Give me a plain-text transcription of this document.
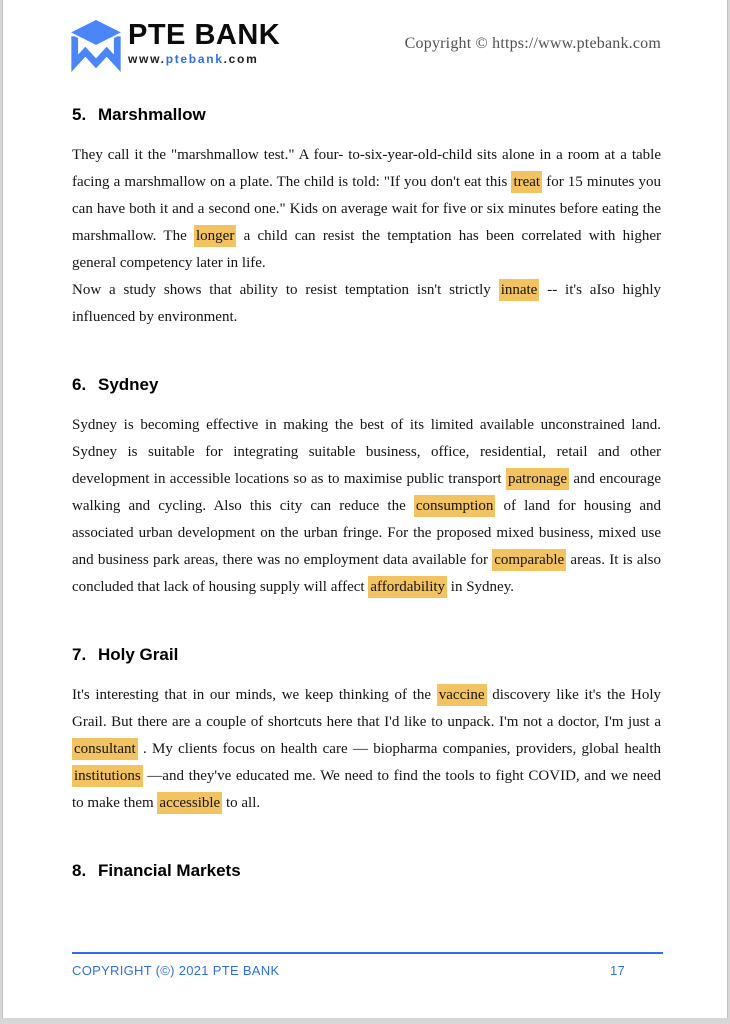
PTE BANK
www.ptebank.com
Copyright © https://www.ptebank.com
5. Marshmallow

They call it the "marshmallow test." A four- to-six-year-old-child sits alone in a room at a table facing a marshmallow on a plate. The child is told: "If you don't eat this treat for 15 minutes you can have both it and a second one." Kids on average wait for five or six minutes before eating the marshmallow. The longer a child can resist the temptation has been correlated with higher general competency later in life.

Now a study shows that ability to resist temptation isn't strictly innate -- it's aIso highly influenced by environment.

6. Sydney

Sydney is becoming effective in making the best of its limited available unconstrained land. Sydney is suitable for integrating suitable business, office, residential, retail and other development in accessible locations so as to maximise public transport patronage and encourage walking and cycling. Also this city can reduce the consumption of land for housing and associated urban development on the urban fringe. For the proposed mixed business, mixed use and business park areas, there was no employment data available for comparable areas. It is also concluded that lack of housing supply will affect affordability in Sydney.

7. Holy Grail

It's interesting that in our minds, we keep thinking of the vaccine discovery like it's the Holy Grail. But there are a couple of shortcuts here that I'd like to unpack. I'm not a doctor, I'm just a consultant . My clients focus on health care — biopharma companies, providers, global health institutions —and they've educated me. We need to find the tools to fight COVID, and we need to make them accessible to all.

8. Financial Markets
COPYRIGHT (©) 2021 PTE BANK	17
